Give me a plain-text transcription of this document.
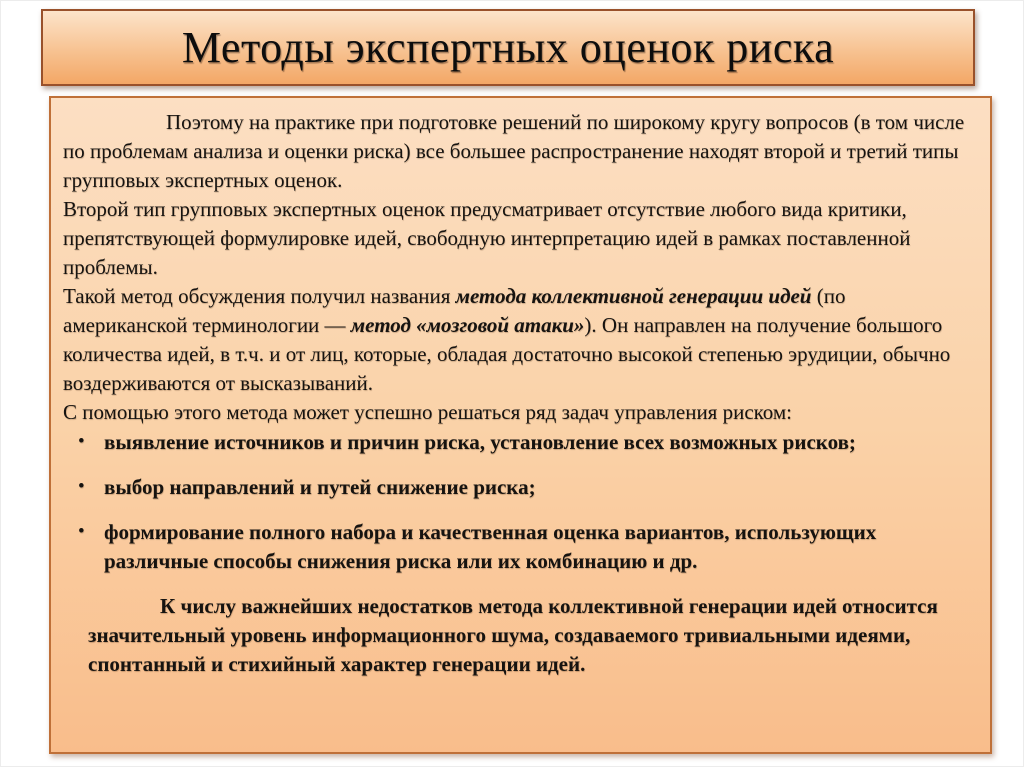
Методы экспертных оценок риска

Поэтому на практике при подготовке решений по широкому кругу вопросов (в том числе по проблемам анализа и оценки риска) все большее распространение находят второй и третий типы групповых экспертных оценок.

Второй тип групповых экспертных оценок предусматривает отсутствие любого вида критики, препятствующей формулировке идей, свободную интерпретацию идей в рамках поставленной проблемы.

Такой метод обсуждения получил названия метода коллективной генерации идей (по американской терминологии — метод «мозговой атаки»). Он направлен на получение большого количества идей, в т.ч. и от лиц, которые, обладая достаточно высокой степенью эрудиции, обычно воздерживаются от высказываний.

С помощью этого метода может успешно решаться ряд задач управления риском:

• выявление источников и причин риска, установление всех возможных рисков;
• выбор направлений и путей снижение риска;
• формирование полного набора и качественная оценка вариантов, использующих различные способы снижения риска или их комбинацию и др.

К числу важнейших недостатков метода коллективной генерации идей относится значительный уровень информационного шума, создаваемого тривиальными идеями, спонтанный и стихийный характер генерации идей.
